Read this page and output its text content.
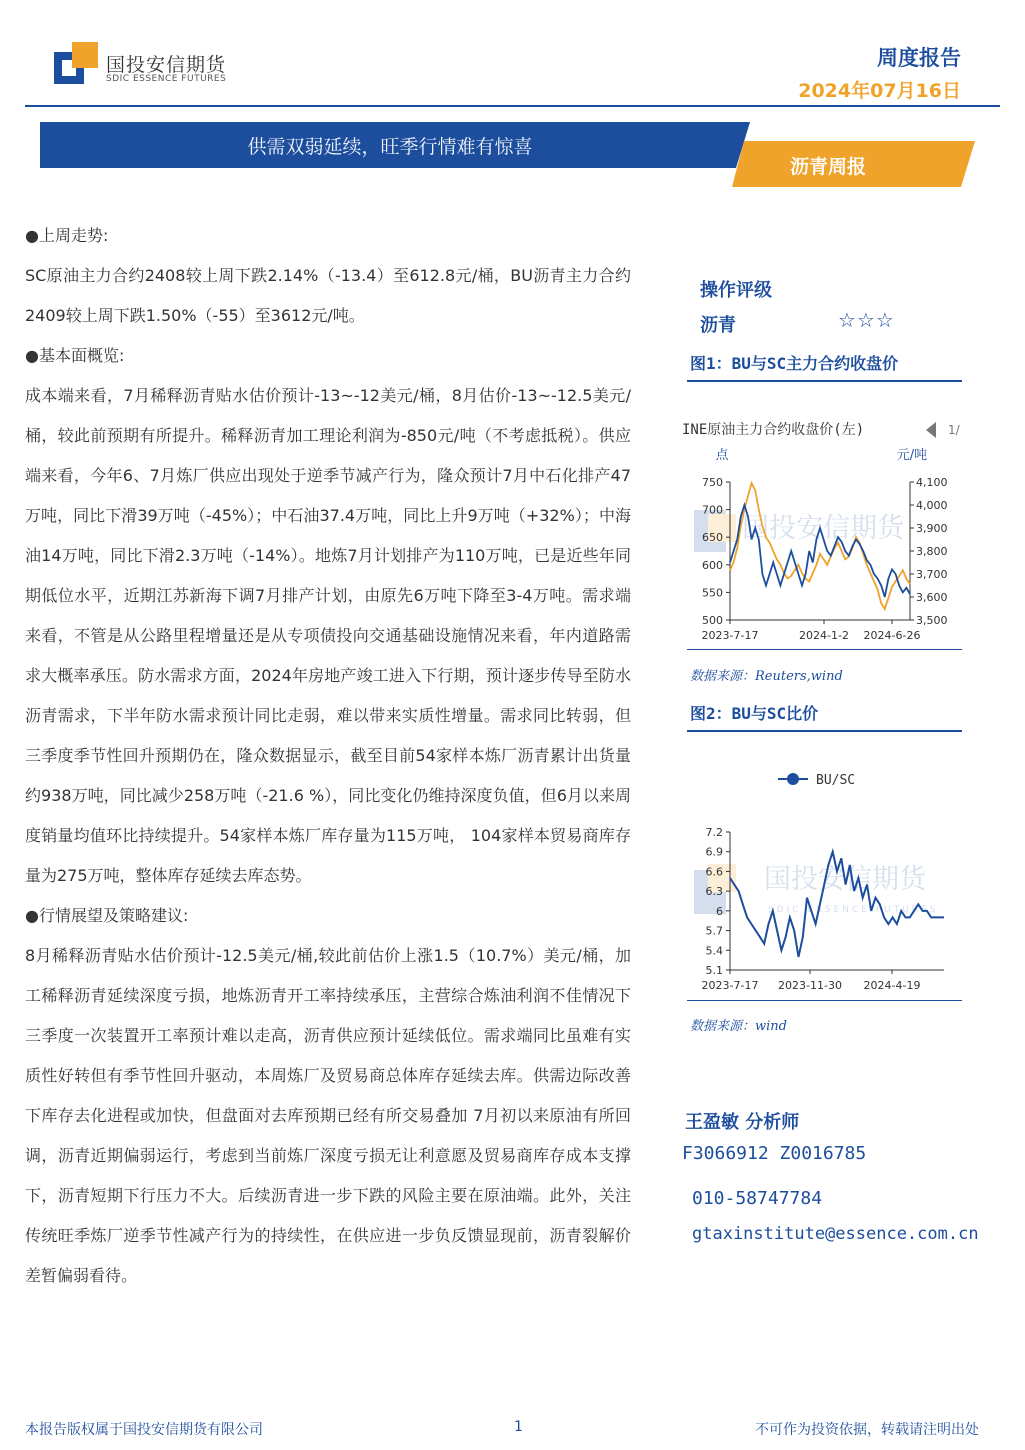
国投安信期货
SDIC ESSENCE FUTURES
周度报告
2024年07月16日
供需双弱延续，旺季行情难有惊喜
沥青周报

●上周走势:

SC原油主力合约2408较上周下跌2.14%（-13.4）至612.8元/桶，BU沥青主力合约2409较上周下跌1.50%（-55）至3612元/吨。

●基本面概览:

成本端来看，7月稀释沥青贴水估价预计-13~-12美元/桶，8月估价-13~-12.5美元/桶，较此前预期有所提升。稀释沥青加工理论利润为-850元/吨（不考虑抵税）。供应端来看，今年6、7月炼厂供应出现处于逆季节减产行为，隆众预计7月中石化排产47万吨，同比下滑39万吨（-45%）；中石油37.4万吨，同比上升9万吨（+32%）；中海油14万吨，同比下滑2.3万吨（-14%）。地炼7月计划排产为110万吨，已是近些年同期低位水平，近期江苏新海下调7月排产计划，由原先6万吨下降至3-4万吨。需求端来看，不管是从公路里程增量还是从专项债投向交通基础设施情况来看，年内道路需求大概率承压。防水需求方面，2024年房地产竣工进入下行期，预计逐步传导至防水沥青需求，下半年防水需求预计同比走弱，难以带来实质性增量。需求同比转弱，但三季度季节性回升预期仍在，隆众数据显示，截至目前54家样本炼厂沥青累计出货量约938万吨，同比减少258万吨（-21.6 %），同比变化仍维持深度负值，但6月以来周度销量均值环比持续提升。54家样本炼厂库存量为115万吨， 104家样本贸易商库存量为275万吨，整体库存延续去库态势。

●行情展望及策略建议:

8月稀释沥青贴水估价预计-12.5美元/桶,较此前估价上涨1.5（10.7%）美元/桶，加工稀释沥青延续深度亏损，地炼沥青开工率持续承压，主营综合炼油利润不佳情况下三季度一次装置开工率预计难以走高，沥青供应预计延续低位。需求端同比虽难有实质性好转但有季节性回升驱动，本周炼厂及贸易商总体库存延续去库。供需边际改善下库存去化进程或加快，但盘面对去库预期已经有所交易叠加 7月初以来原油有所回调，沥青近期偏弱运行，考虑到当前炼厂深度亏损无让利意愿及贸易商库存成本支撑下，沥青短期下行压力不大。后续沥青进一步下跌的风险主要在原油端。此外，关注传统旺季炼厂逆季节性减产行为的持续性，在供应进一步负反馈显现前，沥青裂解价差暂偏弱看待。

操作评级
沥青	☆☆☆
图1：BU与SC主力合约收盘价
国投安信期货
INE原油主力合约收盘价(左)	1/
点	元/吨
750
700
650
600
550
500
4,100
4,000
3,900
3,800
3,700
3,600
3,500
2023-7-17	2024-1-2 2024-6-26
数据来源：Reuters,wind
图2：BU与SC比价
国投安信期货
SDIC ESSENCE FUTURES
BU/SC
7.2
6.9
6.6
6.3
6
5.7
5.4
5.1
2023-7-17 2023-11-30 2024-4-19
数据来源：wind
王盈敏 分析师
F3066912 Z0016785
010-58747784
gtaxinstitute@essence.com.cn
本报告版权属于国投安信期货有限公司	1	不可作为投资依据，转载请注明出处
